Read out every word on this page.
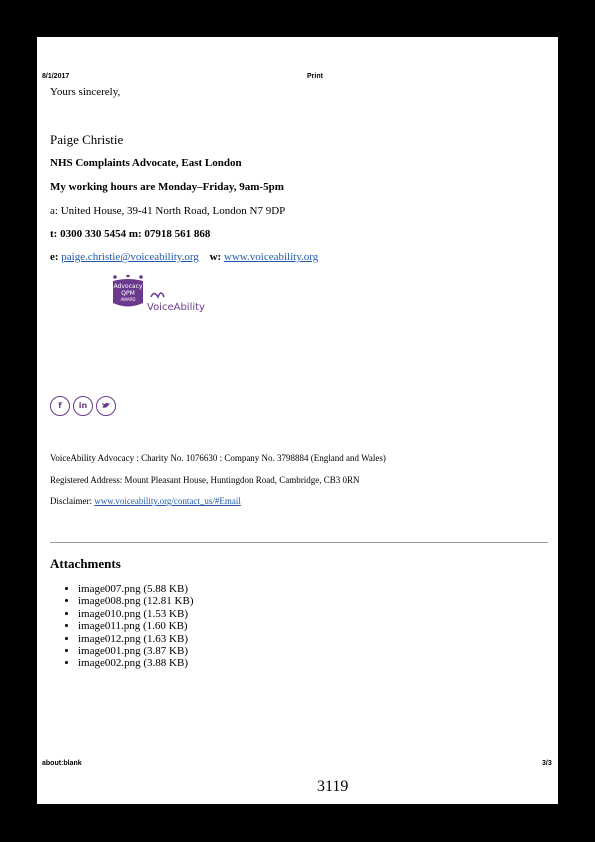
8/1/2017	Print
Yours sincerely,
Paige Christie
NHS Complaints Advocate, East London
My working hours are Monday–Friday, 9am-5pm
a: United House, 39-41 North Road, London N7 9DP
t: 0300 330 5454 m: 07918 561 868
e: paige.christie@voiceability.org w: www.voiceability.org
Advocacy
QPM
AWARD
VoiceAbility
f	in
VoiceAbility Advocacy : Charity No. 1076630 : Company No. 3798884 (England and Wales)
Registered Address: Mount Pleasant House, Huntingdon Road, Cambridge, CB3 0RN
Disclaimer: www.voiceability.org/contact_us/#Email
Attachments
• image007.png (5.88 KB)
• image008.png (12.81 KB)
• image010.png (1.53 KB)
• image011.png (1.60 KB)
• image012.png (1.63 KB)
• image001.png (3.87 KB)
• image002.png (3.88 KB)
about:blank	3/3
3119
